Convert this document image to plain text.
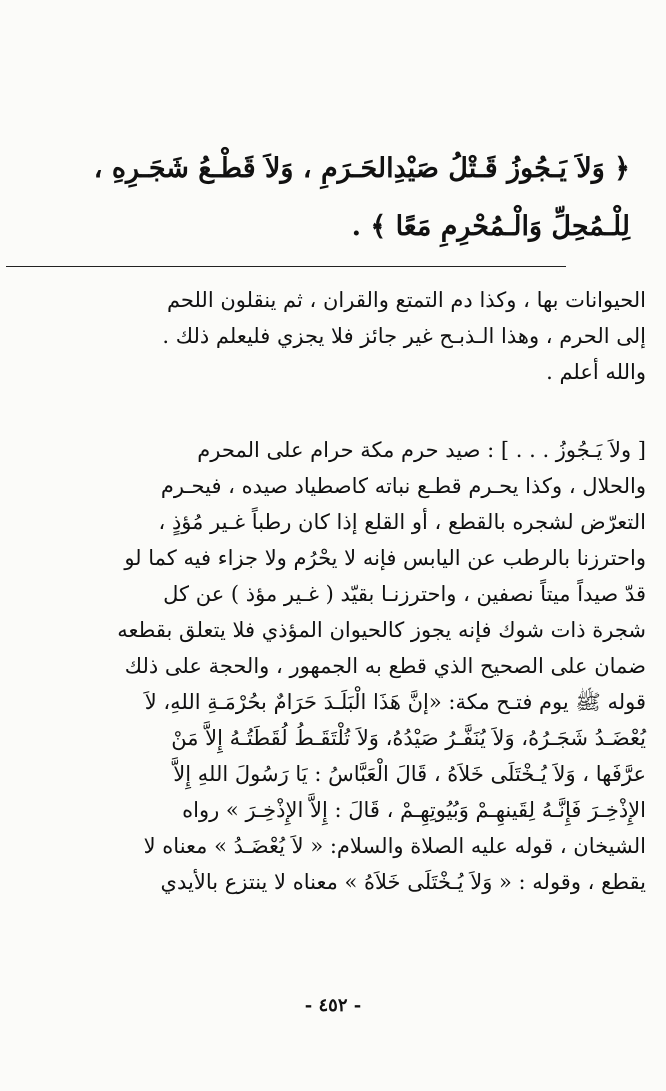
﴿ وَلاَ يَـجُوزُ قَـتْلُ صَيْدِالحَـرَمِ ، وَلاَ قَطْـعُ شَجَـرِهِ ،
لِلْـمُحِلِّ وَالْـمُحْرِمِ مَعًا ﴾ .
الحيوانات بها ، وكذا دم التمتع والقران ، ثم ينقلون اللحم
إلى الحرم ، وهذا الـذبـح غير جائز فلا يجزي فليعلم ذلك .
والله أعلم .
[ ولاَ يَـجُوزُ . . . ] : صيد حرم مكة حرام على المحرم
والحلال ، وكذا يحـرم قطـع نباته كاصطياد صيده ، فيحـرم
التعرّض لشجره بالقطع ، أو القلع إذا كان رطباً غـير مُؤذٍ ،
واحترزنا بالرطب عن اليابس فإنه لا يحْرُم ولا جزاء فيه كما لو
قدّ صيداً ميتاً نصفين ، واحترزنـا بقيّد ( غـير مؤذ ) عن كل
شجرة ذات شوك فإنه يجوز كالحيوان المؤذي فلا يتعلق بقطعه
ضمان على الصحيح الذي قطع به الجمهور ، والحجة على ذلك
قوله ﷺ يوم فتـح مكة: «إنَّ هَذَا الْبَلَـدَ حَرَامٌ بحُرْمَـةِ اللهِ، لاَ
يُعْضَـدُ شَجَـرُهُ، وَلاَ يُنَفَّـرُ صَيْدُهُ، وَلاَ تُلْتَقَـطُ لُقَطَتُـهُ إِلاَّ مَنْ
عرَّفَها ، وَلاَ يُـخْتَلَى خَلاَهُ ، قَالَ الْعَبَّاسُ : يَا رَسُولَ اللهِ إِلاَّ
الإِذْخِـرَ فَإِنَّـهُ لِقَينهِـمْ وَبُيُوتِهِـمْ ، قَالَ : إِلاَّ الإِذْخِـرَ » رواه
الشيخان ، قوله عليه الصلاة والسلام: « لاَ يُعْضَـدُ » معناه لا
يقطع ، وقوله : « وَلاَ يُـخْتَلَى خَلاَهُ » معناه لا ينتزع بالأيدي
- ٤٥٢ -
